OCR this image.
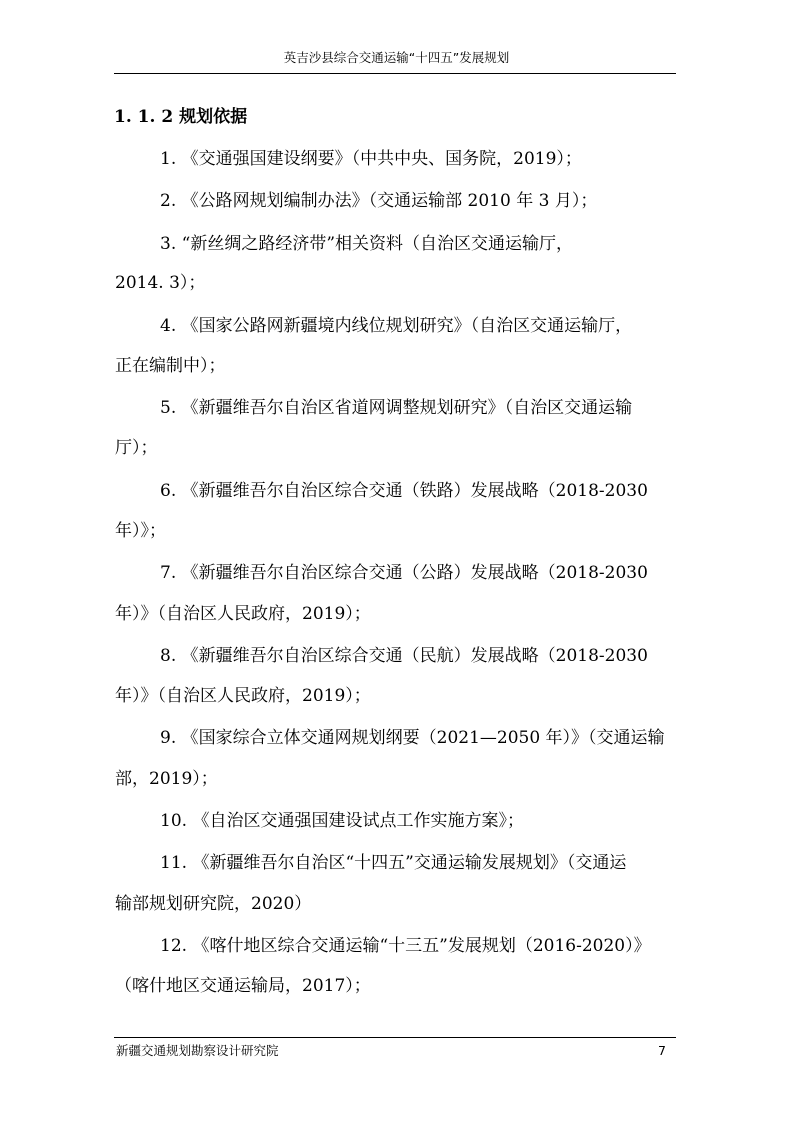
英吉沙县综合交通运输“十四五”发展规划
1. 1. 2 规划依据
1. 《交通强国建设纲要》（中共中央、国务院，2019）；
2. 《公路网规划编制办法》（交通运输部 2010 年 3 月）；
3. “新丝绸之路经济带”相关资料（自治区交通运输厅，
2014. 3）；
4. 《国家公路网新疆境内线位规划研究》（自治区交通运输厅，
正在编制中）；
5. 《新疆维吾尔自治区省道网调整规划研究》（自治区交通运输
厅）；
6. 《新疆维吾尔自治区综合交通（铁路）发展战略（2018-2030
年）》；
7. 《新疆维吾尔自治区综合交通（公路）发展战略（2018-2030
年）》（自治区人民政府，2019）；
8. 《新疆维吾尔自治区综合交通（民航）发展战略（2018-2030
年）》（自治区人民政府，2019）；
9. 《国家综合立体交通网规划纲要（2021—2050 年）》（交通运输
部，2019）；
10. 《自治区交通强国建设试点工作实施方案》；
11. 《新疆维吾尔自治区“十四五”交通运输发展规划》（交通运
输部规划研究院，2020）
12. 《喀什地区综合交通运输“十三五”发展规划（2016-2020）》
（喀什地区交通运输局，2017）；
新疆交通规划勘察设计研究院	7
